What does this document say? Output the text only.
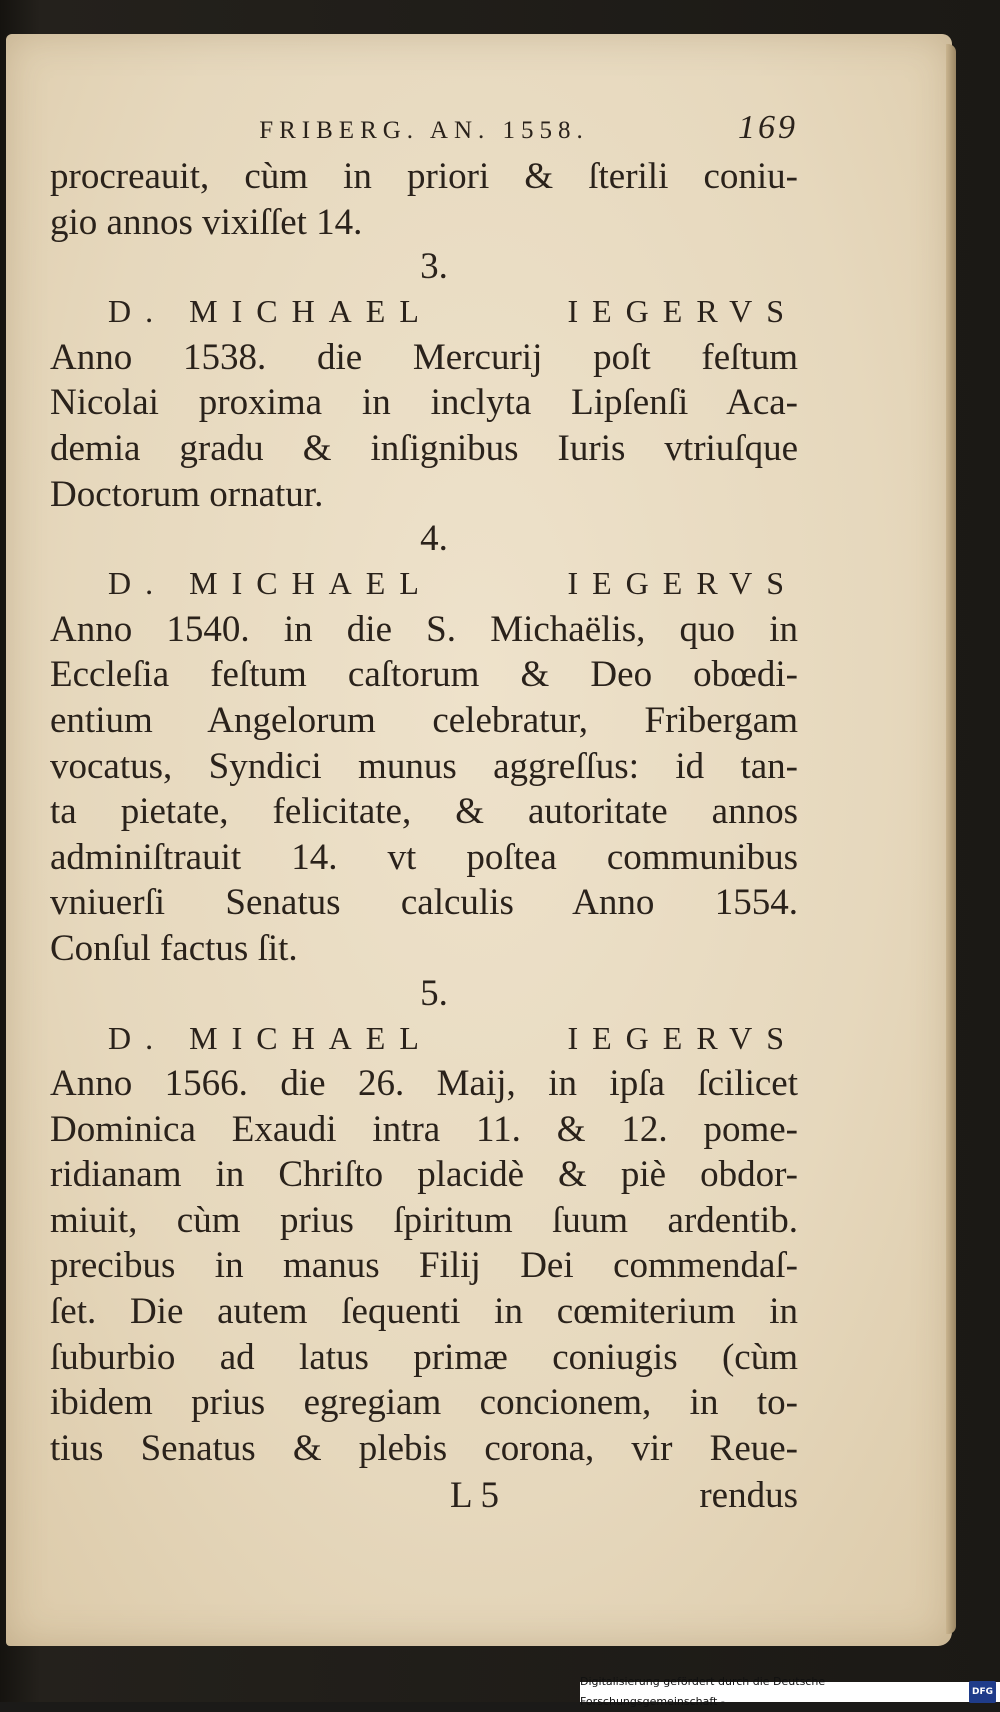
FRIBERG. AN. 1558.	169
procreauit, cùm in priori & ſterili coniu-
gio annos vixiſſet 14.
3.
D. MICHAEL	IEGERVS
Anno 1538. die Mercurij poſt feſtum
Nicolai proxima in inclyta Lipſenſi Aca-
demia gradu & inſignibus Iuris vtriuſque
Doctorum ornatur.
4.
D. MICHAEL	IEGERVS
Anno 1540. in die S. Michaëlis, quo in
Eccleſia feſtum caſtorum & Deo obœdi-
entium Angelorum celebratur, Fribergam
vocatus, Syndici munus aggreſſus: id tan-
ta pietate, felicitate, & autoritate annos
adminiſtrauit 14. vt poſtea communibus
vniuerſi Senatus calculis Anno 1554.
Conſul factus ſit.
5.
D. MICHAEL	IEGERVS
Anno 1566. die 26. Maij, in ipſa ſcilicet
Dominica Exaudi intra 11. & 12. pome-
ridianam in Chriſto placidè & piè obdor-
miuit, cùm prius ſpiritum ſuum ardentib.
precibus in manus Filij Dei commendaſ-
ſet. Die autem ſequenti in cœmiterium in
ſuburbio ad latus primæ coniugis (cùm
ibidem prius egregiam concionem, in to-
tius Senatus & plebis corona, vir Reue-
L 5	rendus
Digitalisierung gefördert durch die Deutsche Forschungsgemeinschaft -
DFG
